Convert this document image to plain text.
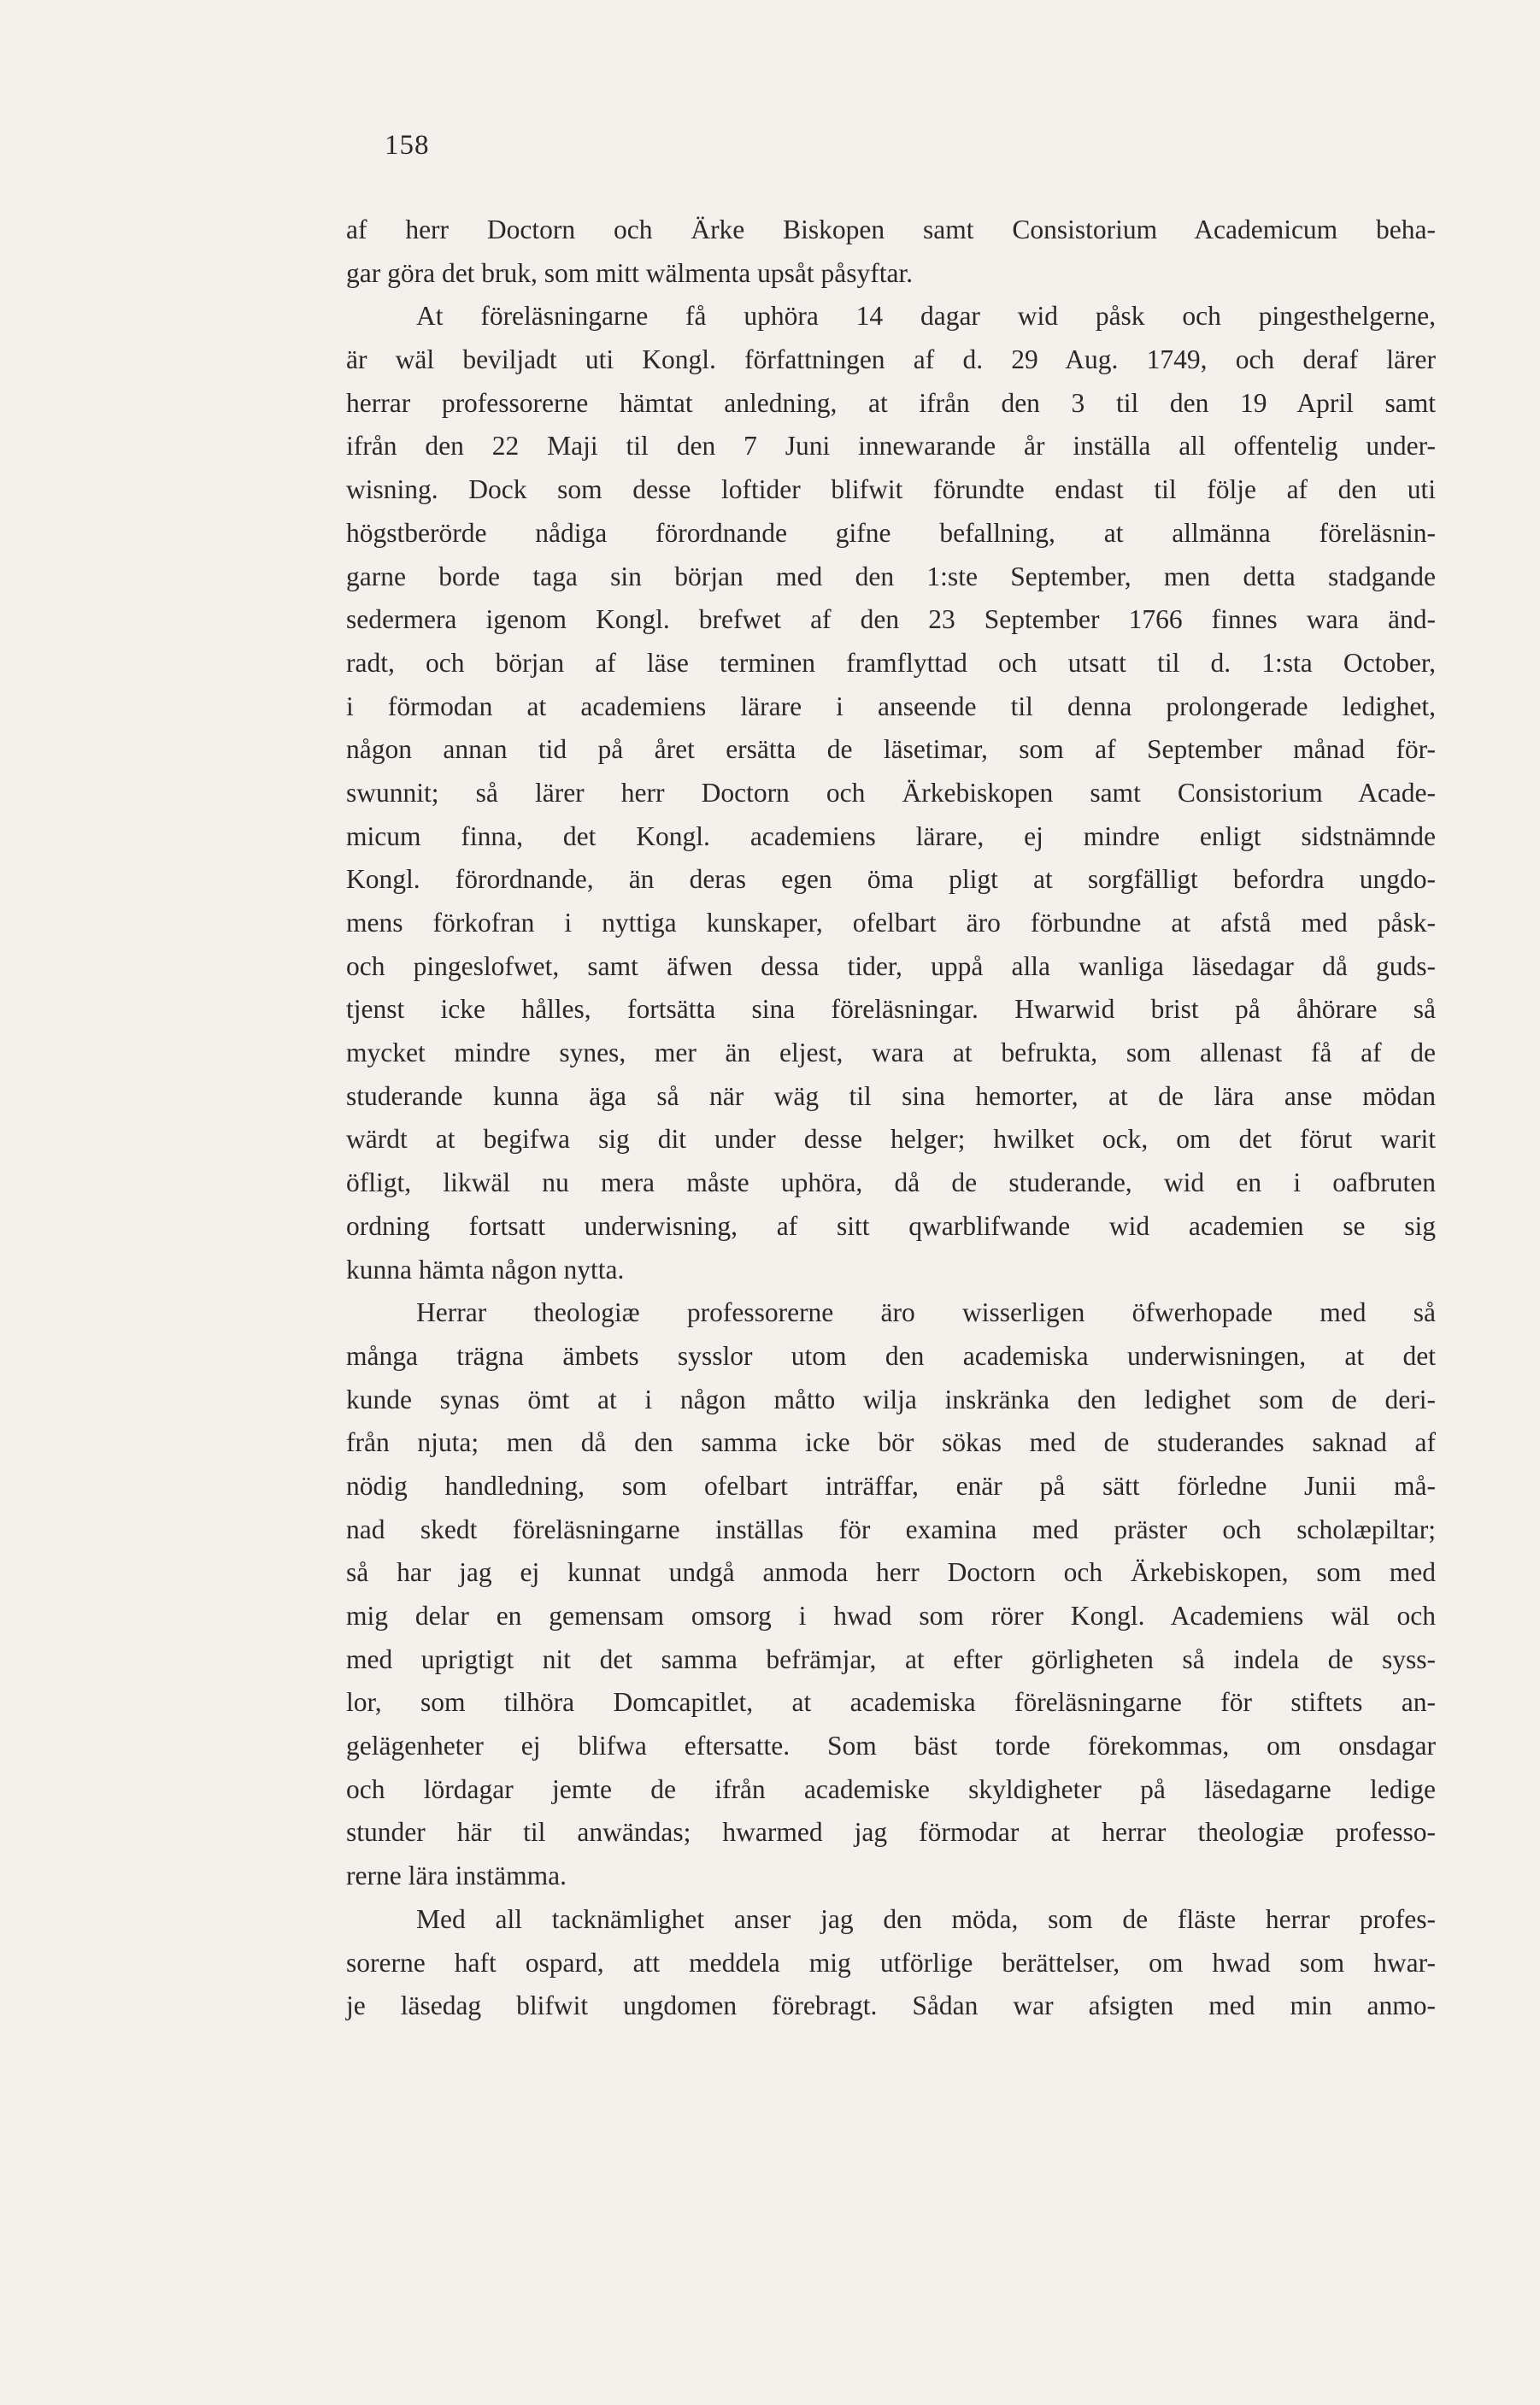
158
af herr Doctorn och Ärke Biskopen samt Consistorium Academicum beha-
gar göra det bruk, som mitt wälmenta upsåt påsyftar.
At föreläsningarne få uphöra 14 dagar wid påsk och pingesthelgerne,
är wäl beviljadt uti Kongl. författningen af d. 29 Aug. 1749, och deraf lärer
herrar professorerne hämtat anledning, at ifrån den 3 til den 19 April samt
ifrån den 22 Maji til den 7 Juni innewarande år inställa all offentelig under-
wisning. Dock som desse loftider blifwit förundte endast til följe af den uti
högstberörde nådiga förordnande gifne befallning, at allmänna föreläsnin-
garne borde taga sin början med den 1:ste September, men detta stadgande
sedermera igenom Kongl. brefwet af den 23 September 1766 finnes wara änd-
radt, och början af läse terminen framflyttad och utsatt til d. 1:sta October,
i förmodan at academiens lärare i anseende til denna prolongerade ledighet,
någon annan tid på året ersätta de läsetimar, som af September månad för-
swunnit; så lärer herr Doctorn och Ärkebiskopen samt Consistorium Acade-
micum finna, det Kongl. academiens lärare, ej mindre enligt sidstnämnde
Kongl. förordnande, än deras egen öma pligt at sorgfälligt befordra ungdo-
mens förkofran i nyttiga kunskaper, ofelbart äro förbundne at afstå med påsk-
och pingeslofwet, samt äfwen dessa tider, uppå alla wanliga läsedagar då guds-
tjenst icke hålles, fortsätta sina föreläsningar. Hwarwid brist på åhörare så
mycket mindre synes, mer än eljest, wara at befrukta, som allenast få af de
studerande kunna äga så när wäg til sina hemorter, at de lära anse mödan
wärdt at begifwa sig dit under desse helger; hwilket ock, om det förut warit
öfligt, likwäl nu mera måste uphöra, då de studerande, wid en i oafbruten
ordning fortsatt underwisning, af sitt qwarblifwande wid academien se sig
kunna hämta någon nytta.
Herrar theologiæ professorerne äro wisserligen öfwerhopade med så
många trägna ämbets sysslor utom den academiska underwisningen, at det
kunde synas ömt at i någon måtto wilja inskränka den ledighet som de deri-
från njuta; men då den samma icke bör sökas med de studerandes saknad af
nödig handledning, som ofelbart inträffar, enär på sätt förledne Junii må-
nad skedt föreläsningarne inställas för examina med präster och scholæpiltar;
så har jag ej kunnat undgå anmoda herr Doctorn och Ärkebiskopen, som med
mig delar en gemensam omsorg i hwad som rörer Kongl. Academiens wäl och
med uprigtigt nit det samma befrämjar, at efter görligheten så indela de syss-
lor, som tilhöra Domcapitlet, at academiska föreläsningarne för stiftets an-
gelägenheter ej blifwa eftersatte. Som bäst torde förekommas, om onsdagar
och lördagar jemte de ifrån academiske skyldigheter på läsedagarne ledige
stunder här til anwändas; hwarmed jag förmodar at herrar theologiæ professo-
rerne lära instämma.
Med all tacknämlighet anser jag den möda, som de fläste herrar profes-
sorerne haft ospard, att meddela mig utförlige berättelser, om hwad som hwar-
je läsedag blifwit ungdomen förebragt. Sådan war afsigten med min anmo-
